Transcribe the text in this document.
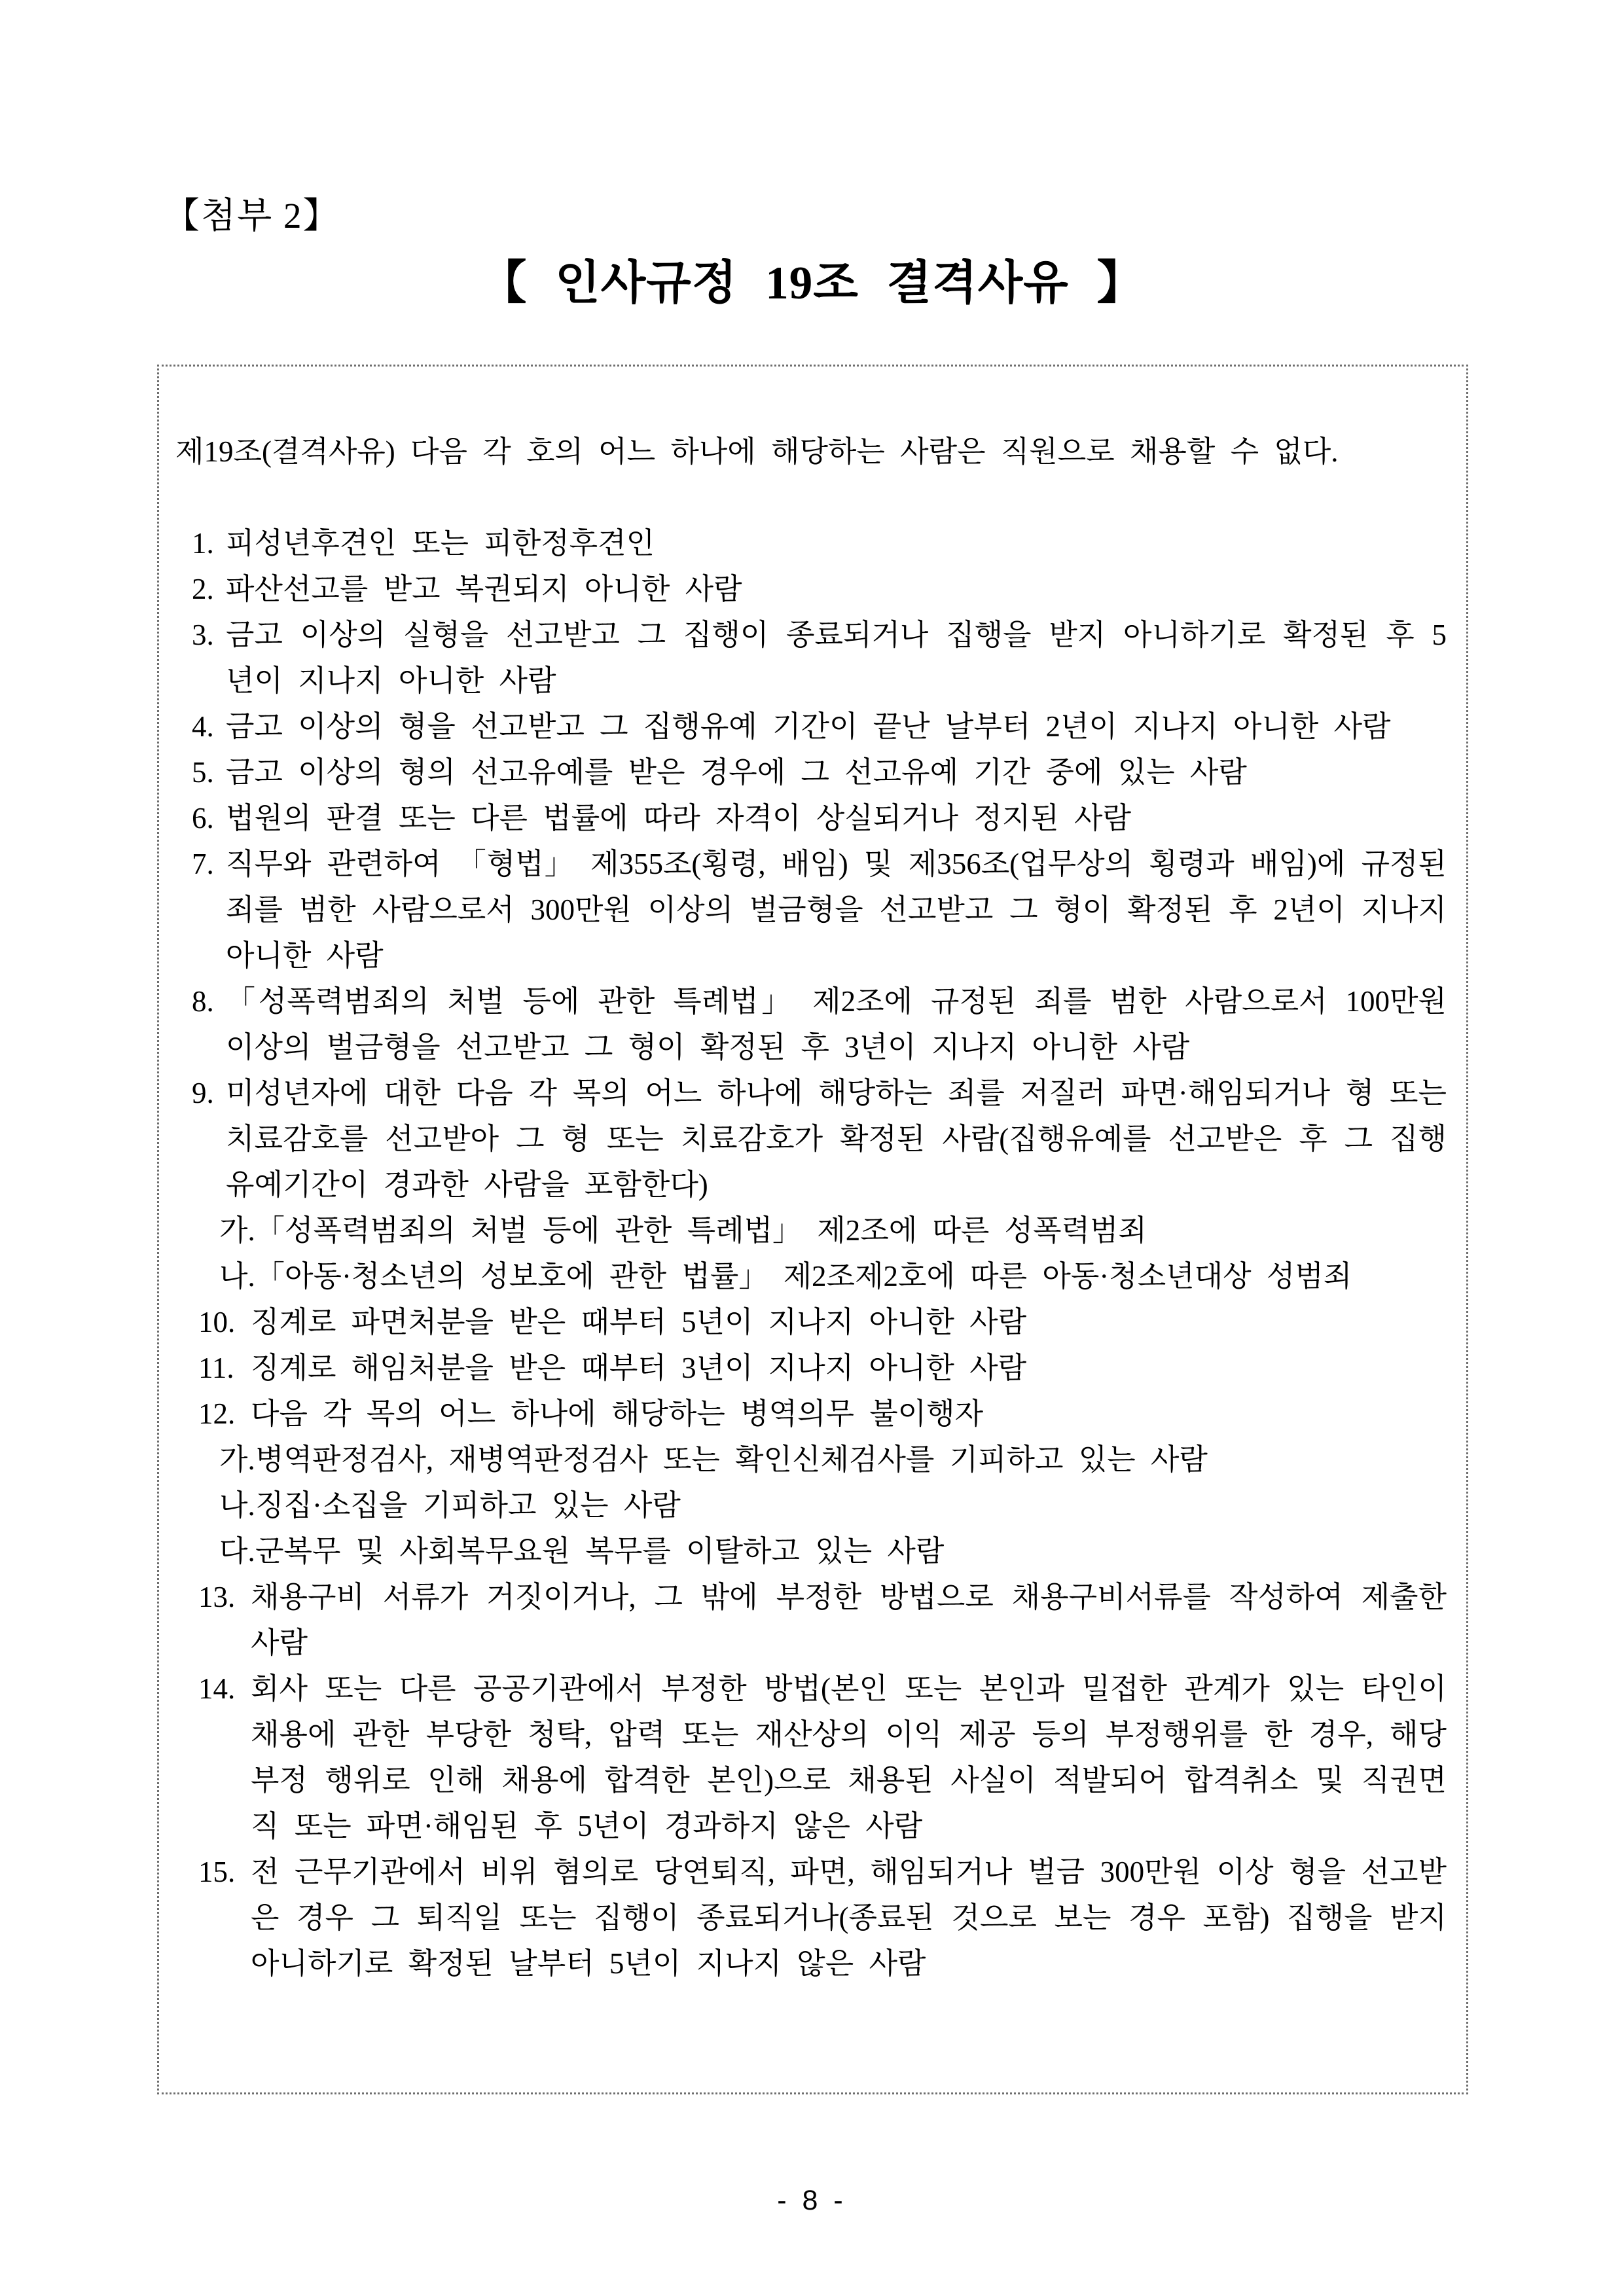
【첨부 2】
【 인사규정 19조 결격사유 】

제19조(결격사유) 다음 각 호의 어느 하나에 해당하는 사람은 직원으로 채용할 수 없다.

1. 피성년후견인 또는 피한정후견인
2. 파산선고를 받고 복권되지 아니한 사람
3. 금고 이상의 실형을 선고받고 그 집행이 종료되거나 집행을 받지 아니하기로 확정된 후 5년이 지나지 아니한 사람
4. 금고 이상의 형을 선고받고 그 집행유예 기간이 끝난 날부터 2년이 지나지 아니한 사람
5. 금고 이상의 형의 선고유예를 받은 경우에 그 선고유예 기간 중에 있는 사람
6. 법원의 판결 또는 다른 법률에 따라 자격이 상실되거나 정지된 사람
7. 직무와 관련하여 「형법」 제355조(횡령, 배임) 및 제356조(업무상의 횡령과 배임)에 규정된 죄를 범한 사람으로서 300만원 이상의 벌금형을 선고받고 그 형이 확정된 후 2년이 지나지 아니한 사람
8. 「성폭력범죄의 처벌 등에 관한 특례법」 제2조에 규정된 죄를 범한 사람으로서 100만원 이상의 벌금형을 선고받고 그 형이 확정된 후 3년이 지나지 아니한 사람
9. 미성년자에 대한 다음 각 목의 어느 하나에 해당하는 죄를 저질러 파면·해임되거나 형 또는 치료감호를 선고받아 그 형 또는 치료감호가 확정된 사람(집행유예를 선고받은 후 그 집행유예기간이 경과한 사람을 포함한다)
가. 「성폭력범죄의 처벌 등에 관한 특례법」 제2조에 따른 성폭력범죄
나. 「아동·청소년의 성보호에 관한 법률」 제2조제2호에 따른 아동·청소년대상 성범죄
10. 징계로 파면처분을 받은 때부터 5년이 지나지 아니한 사람
11. 징계로 해임처분을 받은 때부터 3년이 지나지 아니한 사람
12. 다음 각 목의 어느 하나에 해당하는 병역의무 불이행자
가. 병역판정검사, 재병역판정검사 또는 확인신체검사를 기피하고 있는 사람
나. 징집·소집을 기피하고 있는 사람
다. 군복무 및 사회복무요원 복무를 이탈하고 있는 사람
13. 채용구비 서류가 거짓이거나, 그 밖에 부정한 방법으로 채용구비서류를 작성하여 제출한 사람
14. 회사 또는 다른 공공기관에서 부정한 방법(본인 또는 본인과 밀접한 관계가 있는 타인이 채용에 관한 부당한 청탁, 압력 또는 재산상의 이익 제공 등의 부정행위를 한 경우, 해당 부정 행위로 인해 채용에 합격한 본인)으로 채용된 사실이 적발되어 합격취소 및 직권면직 또는 파면·해임된 후 5년이 경과하지 않은 사람
15. 전 근무기관에서 비위 혐의로 당연퇴직, 파면, 해임되거나 벌금 300만원 이상 형을 선고받은 경우 그 퇴직일 또는 집행이 종료되거나(종료된 것으로 보는 경우 포함) 집행을 받지 아니하기로 확정된 날부터 5년이 지나지 않은 사람
- 8 -
